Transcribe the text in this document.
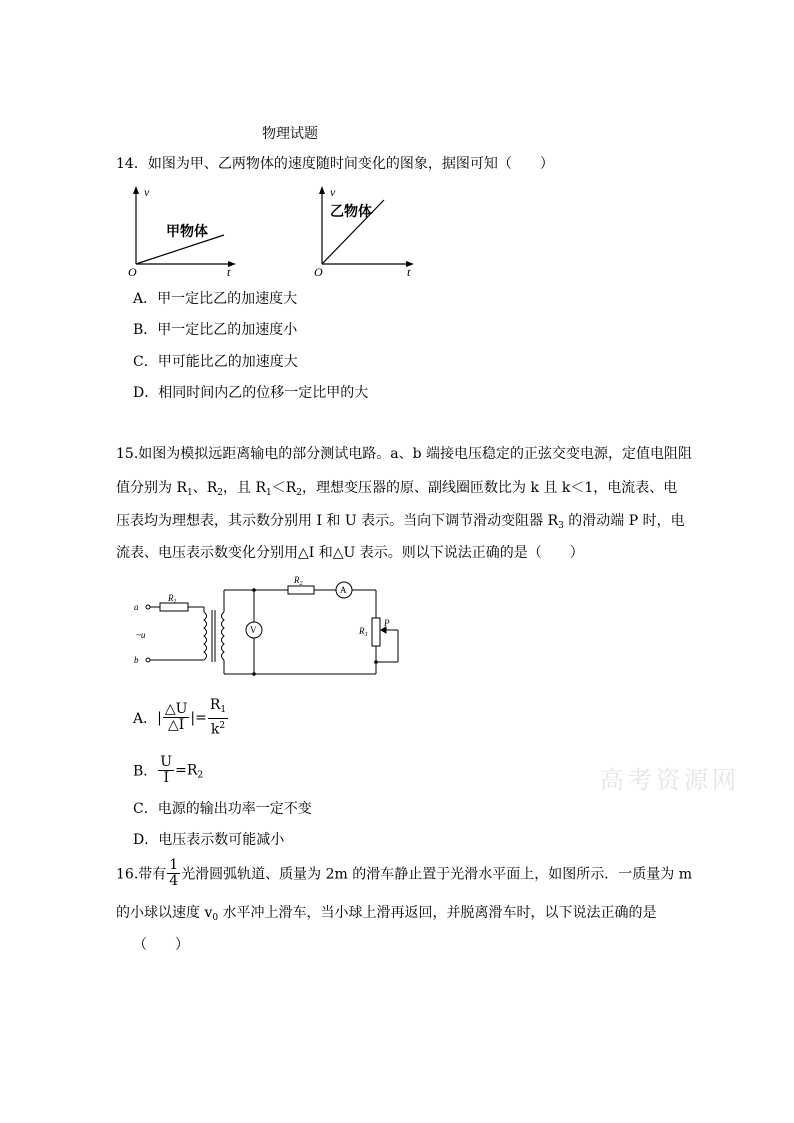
物理试题
14．如图为甲、乙两物体的速度随时间变化的图象，据图可知（　　）
v
t
O
甲物体
v
t
O
乙物体
A．甲一定比乙的加速度大
B．甲一定比乙的加速度小
C．甲可能比乙的加速度大
D．相同时间内乙的位移一定比甲的大
15.如图为模拟远距离输电的部分测试电路。a、b 端接电压稳定的正弦交变电源，定值电阻阻
值分别为 $R_1$、$R_2$，且 $R_1<R_2$，理想变压器的原、副线圈匝数比为 k 且 k＜1，电流表、电
压表均为理想表，其示数分别用 I 和 U 表示。当向下调节滑动变阻器 $R_3$ 的滑动端 P 时，电
流表、电压表示数变化分别用△I 和△U 表示。则以下说法正确的是（　　）
a
b
~u
$R_1$
$R_2$
$R_3$
V
A
P
A．| $\frac{\triangle U}{\triangle I}$ |= $\frac{R_1}{k^2}$
B． $\frac{U}{I} =R_2$
C．电源的输出功率一定不变
D．电压表示数可能减小
16.带有 $\frac{1}{4}$ 光滑圆弧轨道、质量为 2m 的滑车静止置于光滑水平面上，如图所示．一质量为 m
的小球以速度 $v_0$ 水平冲上滑车，当小球上滑再返回，并脱离滑车时，以下说法正确的是
（　　）
高考资源网
